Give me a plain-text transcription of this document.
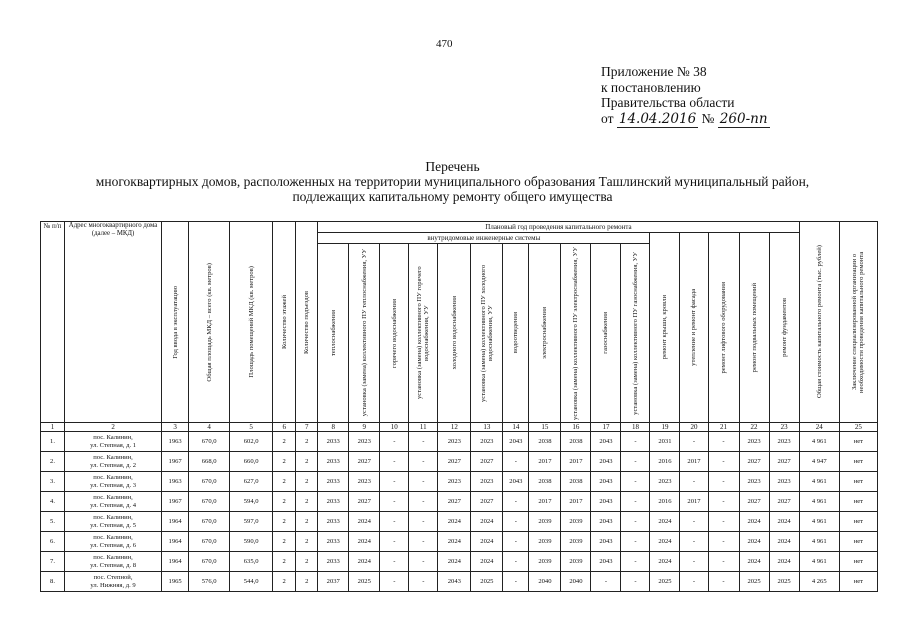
470
Приложение № 38
к постановлению
Правительства области
от 14.04.2016 № 260-пп
Перечень
многоквартирных домов, расположенных на территории муниципального образования Ташлинский муниципальный район,
подлежащих капитальному ремонту общего имущества
№ п/п	Адрес многоквартирного дома (далее – МКД)	Год ввода в эксплуатацию	Общая площадь МКД – всего (кв. метров)	Площадь помещений МКД (кв. метров)	Количество этажей	Количество подъездов	Плановый год проведения капитального ремонта																Общая стоимость капитального ремонта (тыс. рублей)	Заключение специализированной организации о необходимости проведения капитального ремонта

							внутридомовые инженерные системы											ремонт крыши, кровли	утепление и ремонт фасада	ремонт лифтового оборудования	ремонт подвальных помещений	ремонт фундаментов		

							теплоснабжения	установка (замена) коллективного ПУ теплоснабжения, УУ	горячего водоснабжения	установка (замена) коллективного ПУ горячего водоснабжения, УУ	холодного водоснабжения	установка (замена) коллективного ПУ холодного водоснабжения, УУ	водоотведения	электроснабжения	установка (замена) коллективного ПУ электроснабжения, УУ	газоснабжения	установка (замена) коллективного ПУ газоснабжения, УУ							

1	2	3	4	5	6	7	8	9	10	11	12	13	14	15	16	17	18	19	20	21	22	23	24	25
1.	пос. Калинин,
ул. Степная, д. 1	1963	670,0	602,0	2	2	2033	2023	-	-	2023	2023	2043	2038	2038	2043	-	2031	-	-	2023	2023	4 961	нет
2.	пос. Калинин,
ул. Степная, д. 2	1967	668,0	660,0	2	2	2033	2027	-	-	2027	2027	-	2017	2017	2043	-	2016	2017	-	2027	2027	4 947	нет
3.	пос. Калинин,
ул. Степная, д. 3	1963	670,0	627,0	2	2	2033	2023	-	-	2023	2023	2043	2038	2038	2043	-	2023	-	-	2023	2023	4 961	нет
4.	пос. Калинин,
ул. Степная, д. 4	1967	670,0	594,0	2	2	2033	2027	-	-	2027	2027	-	2017	2017	2043	-	2016	2017	-	2027	2027	4 961	нет
5.	пос. Калинин,
ул. Степная, д. 5	1964	670,0	597,0	2	2	2033	2024	-	-	2024	2024	-	2039	2039	2043	-	2024	-	-	2024	2024	4 961	нет
6.	пос. Калинин,
ул. Степная, д. 6	1964	670,0	590,0	2	2	2033	2024	-	-	2024	2024	-	2039	2039	2043	-	2024	-	-	2024	2024	4 961	нет
7.	пос. Калинин,
ул. Степная, д. 8	1964	670,0	635,0	2	2	2033	2024	-	-	2024	2024	-	2039	2039	2043	-	2024	-	-	2024	2024	4 961	нет
8.	пос. Степной,
ул. Нижняя, д. 9	1965	576,0	544,0	2	2	2037	2025	-	-	2043	2025	-	2040	2040	-	-	2025	-	-	2025	2025	4 265	нет
